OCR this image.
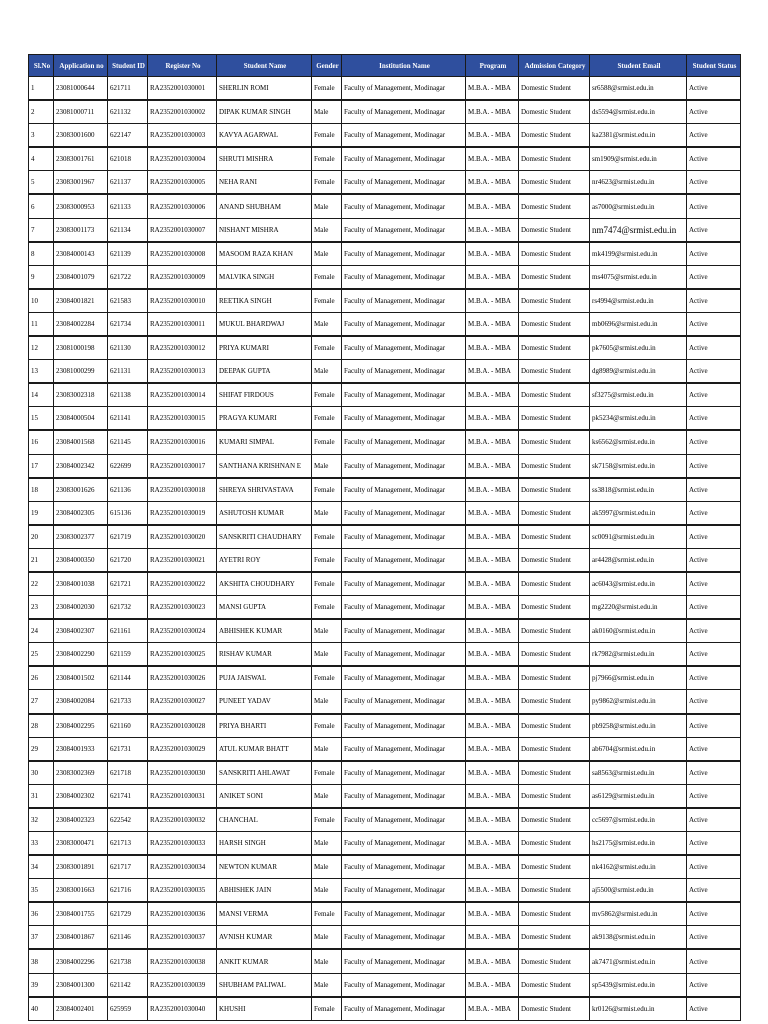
Sl.No	Application no	Student ID	Register No	Student Name	Gender	Institution Name	Program	Admission Category	Student Email	Student Status
1	23081000644	621711	RA2352001030001	SHERLIN ROMI	Female	Faculty of Management, Modinagar	M.B.A. - MBA	Domestic Student	sr6588@srmist.edu.in	Active
2	23081000711	621132	RA2352001030002	DIPAK KUMAR SINGH	Male	Faculty of Management, Modinagar	M.B.A. - MBA	Domestic Student	ds5594@srmist.edu.in	Active
3	23083001600	622147	RA2352001030003	KAVYA AGARWAL	Female	Faculty of Management, Modinagar	M.B.A. - MBA	Domestic Student	ka2381@srmist.edu.in	Active
4	23083001761	621018	RA2352001030004	SHRUTI MISHRA	Female	Faculty of Management, Modinagar	M.B.A. - MBA	Domestic Student	sm1909@srmist.edu.in	Active
5	23083001967	621137	RA2352001030005	NEHA RANI	Female	Faculty of Management, Modinagar	M.B.A. - MBA	Domestic Student	nr4623@srmist.edu.in	Active
6	23083000953	621133	RA2352001030006	ANAND SHUBHAM	Male	Faculty of Management, Modinagar	M.B.A. - MBA	Domestic Student	as7000@srmist.edu.in	Active
7	23083001173	621134	RA2352001030007	NISHANT MISHRA	Male	Faculty of Management, Modinagar	M.B.A. - MBA	Domestic Student	nm7474@srmist.edu.in	Active
8	23084000143	621139	RA2352001030008	MASOOM RAZA KHAN	Male	Faculty of Management, Modinagar	M.B.A. - MBA	Domestic Student	mk4199@srmist.edu.in	Active
9	23084001079	621722	RA2352001030009	MALVIKA SINGH	Female	Faculty of Management, Modinagar	M.B.A. - MBA	Domestic Student	ms4075@srmist.edu.in	Active
10	23084001821	621583	RA2352001030010	REETIKA SINGH	Female	Faculty of Management, Modinagar	M.B.A. - MBA	Domestic Student	rs4994@srmist.edu.in	Active
11	23084002284	621734	RA2352001030011	MUKUL BHARDWAJ	Male	Faculty of Management, Modinagar	M.B.A. - MBA	Domestic Student	mb0696@srmist.edu.in	Active
12	23081000198	621130	RA2352001030012	PRIYA KUMARI	Female	Faculty of Management, Modinagar	M.B.A. - MBA	Domestic Student	pk7605@srmist.edu.in	Active
13	23081000299	621131	RA2352001030013	DEEPAK GUPTA	Male	Faculty of Management, Modinagar	M.B.A. - MBA	Domestic Student	dg8989@srmist.edu.in	Active
14	23083002318	621138	RA2352001030014	SHIFAT FIRDOUS	Female	Faculty of Management, Modinagar	M.B.A. - MBA	Domestic Student	sf3275@srmist.edu.in	Active
15	23084000504	621141	RA2352001030015	PRAGYA KUMARI	Female	Faculty of Management, Modinagar	M.B.A. - MBA	Domestic Student	pk5234@srmist.edu.in	Active
16	23084001568	621145	RA2352001030016	KUMARI SIMPAL	Female	Faculty of Management, Modinagar	M.B.A. - MBA	Domestic Student	ks6562@srmist.edu.in	Active
17	23084002342	622699	RA2352001030017	SANTHANA KRISHNAN E	Male	Faculty of Management, Modinagar	M.B.A. - MBA	Domestic Student	sk7158@srmist.edu.in	Active
18	23083001626	621136	RA2352001030018	SHREYA SHRIVASTAVA	Female	Faculty of Management, Modinagar	M.B.A. - MBA	Domestic Student	ss3818@srmist.edu.in	Active
19	23084002305	615136	RA2352001030019	ASHUTOSH KUMAR	Male	Faculty of Management, Modinagar	M.B.A. - MBA	Domestic Student	ak5997@srmist.edu.in	Active
20	23083002377	621719	RA2352001030020	SANSKRITI CHAUDHARY	Female	Faculty of Management, Modinagar	M.B.A. - MBA	Domestic Student	sc0091@srmist.edu.in	Active
21	23084000350	621720	RA2352001030021	AYETRI ROY	Female	Faculty of Management, Modinagar	M.B.A. - MBA	Domestic Student	ar4428@srmist.edu.in	Active
22	23084001038	621721	RA2352001030022	AKSHITA CHOUDHARY	Female	Faculty of Management, Modinagar	M.B.A. - MBA	Domestic Student	ac6043@srmist.edu.in	Active
23	23084002030	621732	RA2352001030023	MANSI GUPTA	Female	Faculty of Management, Modinagar	M.B.A. - MBA	Domestic Student	mg2220@srmist.edu.in	Active
24	23084002307	621161	RA2352001030024	ABHISHEK KUMAR	Male	Faculty of Management, Modinagar	M.B.A. - MBA	Domestic Student	ak0160@srmist.edu.in	Active
25	23084002290	621159	RA2352001030025	RISHAV KUMAR	Male	Faculty of Management, Modinagar	M.B.A. - MBA	Domestic Student	rk7982@srmist.edu.in	Active
26	23084001502	621144	RA2352001030026	PUJA JAISWAL	Female	Faculty of Management, Modinagar	M.B.A. - MBA	Domestic Student	pj7966@srmist.edu.in	Active
27	23084002084	621733	RA2352001030027	PUNEET YADAV	Male	Faculty of Management, Modinagar	M.B.A. - MBA	Domestic Student	py9862@srmist.edu.in	Active
28	23084002295	621160	RA2352001030028	PRIYA BHARTI	Female	Faculty of Management, Modinagar	M.B.A. - MBA	Domestic Student	pb9258@srmist.edu.in	Active
29	23084001933	621731	RA2352001030029	ATUL KUMAR BHATT	Male	Faculty of Management, Modinagar	M.B.A. - MBA	Domestic Student	ab6704@srmist.edu.in	Active
30	23083002369	621718	RA2352001030030	SANSKRITI AHLAWAT	Female	Faculty of Management, Modinagar	M.B.A. - MBA	Domestic Student	sa8563@srmist.edu.in	Active
31	23084002302	621741	RA2352001030031	ANIKET SONI	Male	Faculty of Management, Modinagar	M.B.A. - MBA	Domestic Student	as6129@srmist.edu.in	Active
32	23084002323	622542	RA2352001030032	CHANCHAL	Female	Faculty of Management, Modinagar	M.B.A. - MBA	Domestic Student	cc5697@srmist.edu.in	Active
33	23083000471	621713	RA2352001030033	HARSH SINGH	Male	Faculty of Management, Modinagar	M.B.A. - MBA	Domestic Student	hs2175@srmist.edu.in	Active
34	23083001891	621717	RA2352001030034	NEWTON KUMAR	Male	Faculty of Management, Modinagar	M.B.A. - MBA	Domestic Student	nk4162@srmist.edu.in	Active
35	23083001663	621716	RA2352001030035	ABHISHEK JAIN	Male	Faculty of Management, Modinagar	M.B.A. - MBA	Domestic Student	aj5500@srmist.edu.in	Active
36	23084001755	621729	RA2352001030036	MANSI VERMA	Female	Faculty of Management, Modinagar	M.B.A. - MBA	Domestic Student	mv5862@srmist.edu.in	Active
37	23084001867	621146	RA2352001030037	AVNISH KUMAR	Male	Faculty of Management, Modinagar	M.B.A. - MBA	Domestic Student	ak9138@srmist.edu.in	Active
38	23084002296	621738	RA2352001030038	ANKIT KUMAR	Male	Faculty of Management, Modinagar	M.B.A. - MBA	Domestic Student	ak7471@srmist.edu.in	Active
39	23084001300	621142	RA2352001030039	SHUBHAM PALIWAL	Male	Faculty of Management, Modinagar	M.B.A. - MBA	Domestic Student	sp5439@srmist.edu.in	Active
40	23084002401	625959	RA2352001030040	KHUSHI	Female	Faculty of Management, Modinagar	M.B.A. - MBA	Domestic Student	kr0126@srmist.edu.in	Active
